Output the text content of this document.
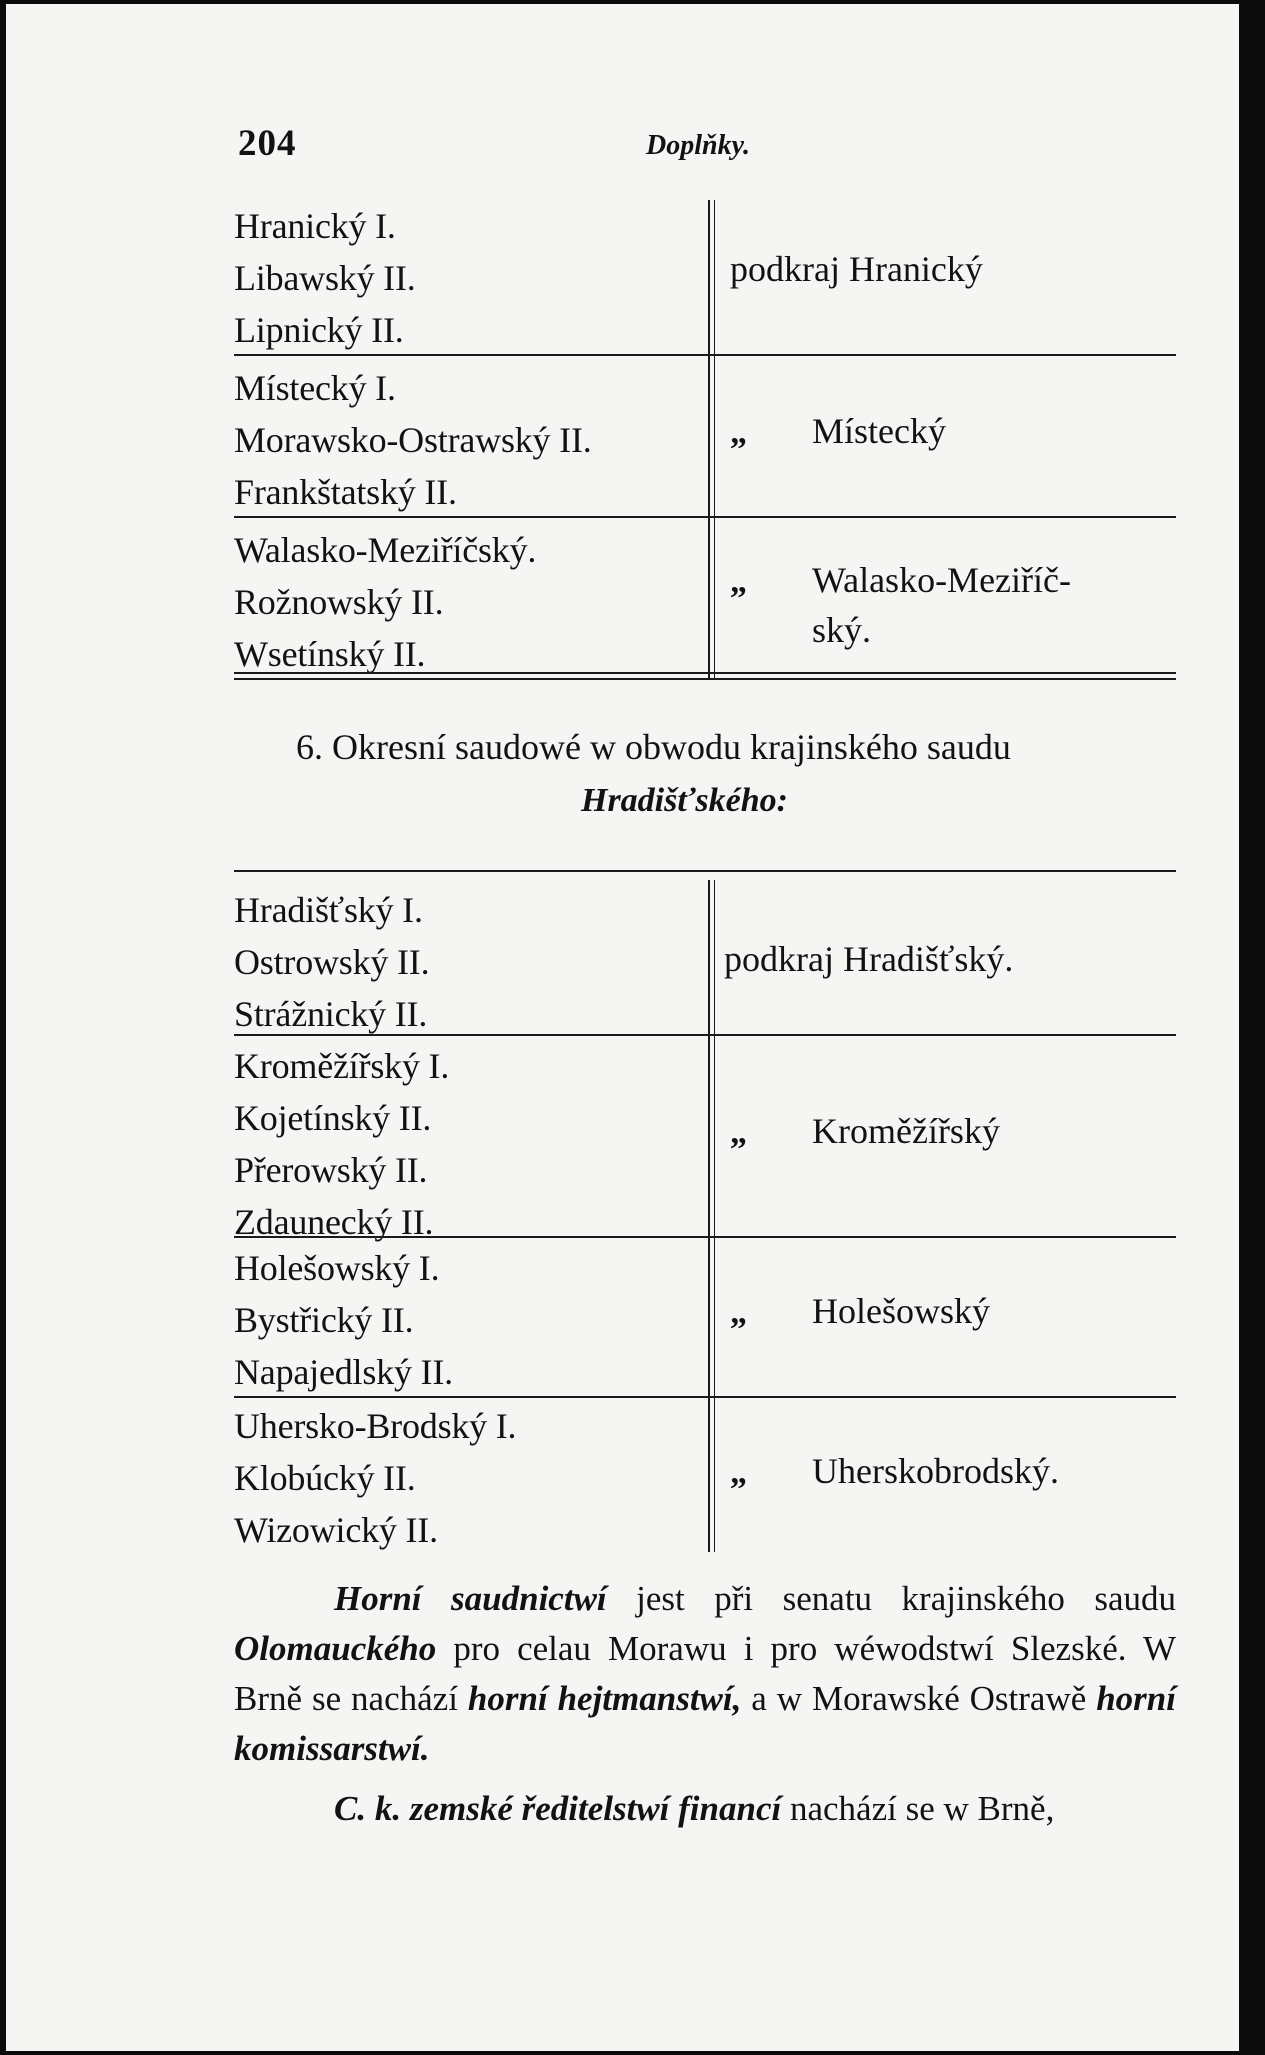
204	Doplňky.
Hranický I.
Libawský II.
Lipnický II.
podkraj Hranický
Místecký I.
Morawsko-Ostrawský II.
Frankštatský II.
„ Místecký
Walasko-Meziříčský.
Rožnowský II.
Wsetínský II.
„ Walasko-Meziříč-
ský.
6. Okresní saudowé w obwodu krajinského saudu
Hradišťského:
Hradišťský I.
Ostrowský II.
Strážnický II.
podkraj Hradišťský.
Kroměžířský I.
Kojetínský II.
Přerowský II.
Zdaunecký II.
„ Kroměžířský
Holešowský I.
Bystřický II.
Napajedlský II.
„ Holešowský
Uhersko-Brodský I.
Klobúcký II.
Wizowický II.
„ Uherskobrodský.

Horní saudnictwí jest při senatu krajinského saudu Olomauckého pro celau Morawu i pro wéwodstwí Slezské. W Brně se nachází horní hejtmanstwí, a w Morawské Ostrawě horní komissarstwí.

C. k. zemské ředitelstwí financí nachází se w Brně,
